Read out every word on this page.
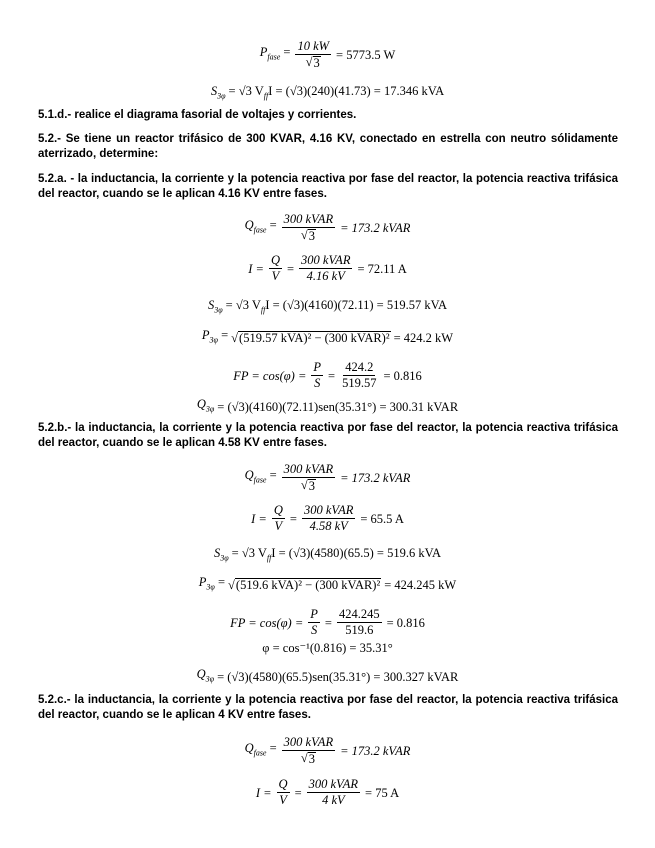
$P_{fase} = \frac{10 kW}{√ 3} = 5773.5$ W
$S_{3\varphi} = √3$ $V_{ff}I = (√3)(240)(41.73) = 17.346$ kVA
5.1.d.- realice el diagrama fasorial de voltajes y corrientes.
5.2.- Se tiene un reactor trifásico de 300 KVAR, 4.16 KV, conectado en estrella con neutro sólidamente aterrizado, determine:
5.2.a. - la inductancia, la corriente y la potencia reactiva por fase del reactor, la potencia reactiva trifásica del reactor, cuando se le aplican 4.16 KV entre fases.
$Q_{fase} = \frac{\text{300 kVAR}}{√ 3} = 173.2$ kVAR
$I = \frac{Q}{V} = \frac{\text{300 kVAR}}{4.16 kV} = 72.11$ A
$S_{3\varphi} = √3$ $V_{ff}I = (√3)(4160)(72.11) = 519.57$ kVA
$P_{3\varphi}$ = √ (519.57 kVA)² − (300 kVAR)² = 424.2 kW
FP = $\cos(\varphi) = \frac{P}{S} = \frac{424.2}{519.57} = 0.816$
$Q_{3\varphi} = (√3)(4160)(72.11)sen(35.31^\circ) = 300.31$ kVAR
5.2.b.- la inductancia, la corriente y la potencia reactiva por fase del reactor, la potencia reactiva trifásica del reactor, cuando se le aplican 4.58 KV entre fases.
$Q_{fase} = \frac{\text{300 kVAR}}{√ 3} = 173.2$ kVAR
$I = \frac{Q}{V} = \frac{\text{300 kVAR}}{4.58 kV} = 65.5$ A
$S_{3\varphi} = √3$ $V_{ff}I = (√3)(4580)(65.5) = 519.6$ kVA
$P_{3\varphi}$ = √ (519.6 kVA)² − (300 kVAR)² = 424.245 kW
FP = $\cos(\varphi) = \frac{P}{S} = \frac{424.245}{519.6} = 0.816$
φ = cos⁻¹(0.816) = 35.31°
$Q_{3\varphi} = (√3)(4580)(65.5)sen(35.31^\circ) = 300.327$ kVAR
5.2.c.- la inductancia, la corriente y la potencia reactiva por fase del reactor, la potencia reactiva trifásica del reactor, cuando se le aplican 4 KV entre fases.
$Q_{fase} = \frac{\text{300 kVAR}}{√ 3} = 173.2$ kVAR
$I = \frac{Q}{V} = \frac{\text{300 kVAR}}{4 kV} = 75$ A
